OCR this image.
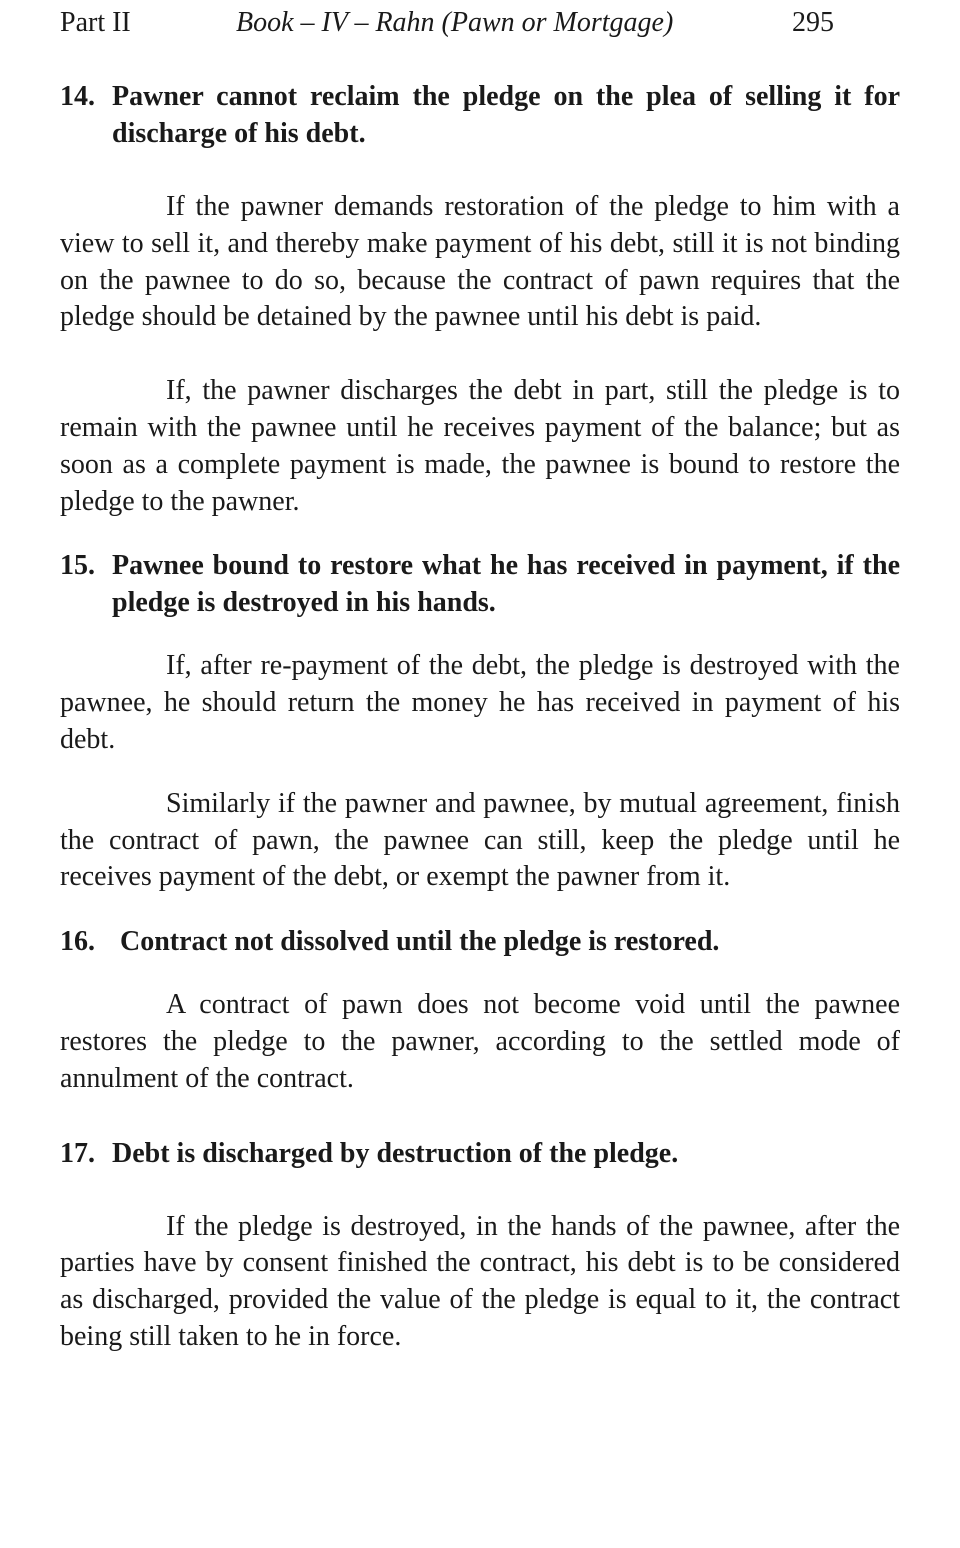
Part II	Book – IV – Rahn (Pawn or Mortgage)	295
14. Pawner cannot reclaim the pledge on the plea of selling it for discharge of his debt.

If the pawner demands restoration of the pledge to him with a view to sell it, and thereby make payment of his debt, still it is not binding on the pawnee to do so, because the contract of pawn requires that the pledge should be detained by the pawnee until his debt is paid.

If, the pawner discharges the debt in part, still the pledge is to remain with the pawnee until he receives payment of the balance; but as soon as a complete payment is made, the pawnee is bound to restore the pledge to the pawner.

15. Pawnee bound to restore what he has received in payment, if the pledge is destroyed in his hands.

If, after re-payment of the debt, the pledge is destroyed with the pawnee, he should return the money he has received in payment of his debt.

Similarly if the pawner and pawnee, by mutual agreement, finish the contract of pawn, the pawnee can still, keep the pledge until he receives payment of the debt, or exempt the pawner from it.

16. Contract not dissolved until the pledge is restored.

A contract of pawn does not become void until the pawnee restores the pledge to the pawner, according to the settled mode of annulment of the contract.

17. Debt is discharged by destruction of the pledge.

If the pledge is destroyed, in the hands of the pawnee, after the parties have by consent finished the contract, his debt is to be considered as discharged, provided the value of the pledge is equal to it, the contract being still taken to he in force.
